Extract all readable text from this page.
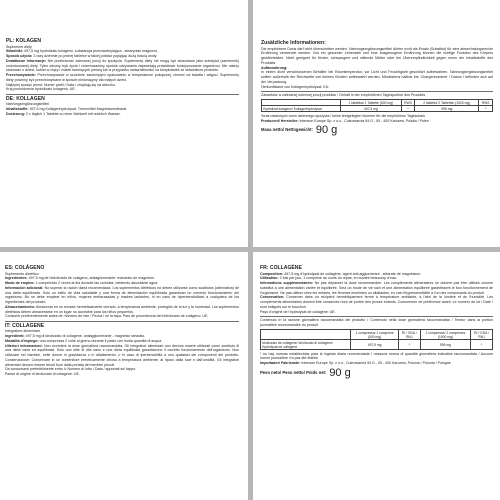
PL: KOLAGEN

Suplement diety

Składniki: 497,5 mg hydrolizatu kolagenu, substancja przeciwzbrylająca - stearynian magnezu.

Sposób użycia: 2 razy dziennie po jednej tabletce w takiej postaci popijając dużą ilością wody.

Dodatkowe informacje: Nie przekraczać zalecanej porcji do spożycia. Suplementy diety nie mogą być stosowane jako substytut (zamiennik) zróżnicowanej diety. Tylko zdrowy tryb życia i zrównoważony sposób odżywiania zapewniają prawidłowe funkcjonowanie organizmu. Nie należy stosować u dzieci, kobiet w ciąży i matek karmiących piersią lub w przypadku nadwrażliwości na którykolwiek ze składników produktu.

Przechowywanie: Przechowywanie w szczelnie zamkniętym opakowaniu w temperaturze pokojowej, chronić od światła i wilgoci. Suplementy diety powinny być przechowywane w sposób niedostępny dla małych dzieci.

Najlepiej spożyć przed: Numer partii / Data / znajdują się na wieczku.

Kraj pochodzenia hydrolizatu kolagenu: UE.

DE: KOLLAGEN

Nahrungsergänzungsmittel

Inhaltsstoffe: 497,5 mg Kollagenhydrolysat, Trennmittel Magnesiumstearat.

Dosierung: 2 x täglich 1 Tablette zu einer Mahlzeit mit reichlich Wasser.

Zusätzliche Informationen:

Die empfohlene Dosis darf nicht überschritten werden. Nahrungsergänzungsmittel dürfen nicht als Ersatz (Substitut) für eine abwechslungsreiche Ernährung verwendet werden. Nur ein gesunder Lebensstil und eine ausgewogene Ernährung können die richtige Funktion des Körpers gewährleisten. Nicht geeignet für Kinder, schwangere und stillende Mütter oder bei Überempfindlichkeit gegen einen der Inhaltsstoffe des Produkts.

Aufbewahrung:

In einem dicht verschlossenen Behälter bei Raumtemperatur, vor Licht und Feuchtigkeit geschützt aufbewahren. Nahrungsergänzungsmittel sollten außerhalb der Reichweite von kleinen Kindern aufbewahrt werden. Mindestens haltbar bis: Chargennummer / Datum / befinden sich auf der Verpackung.

Herkunftsland von Kollagenhydrolysat: EU.

Zawartość w zalecanej dziennej porcji produktu / Gehalt in der empfohlenen Tagesportion des Produkts

	1 tabletka/ 1 Tablette (500 mg)	RWS	2 tabletki/ 2 Tabletten (1000 mg)	RWS
Hydrolizat kolagenu/ Kollagenhydrolysat	497,5 mg	*	995 mg	*

*brak ustalonych norm dziennego spożycia / keine festgelegten Normen für die empfohlene Tagesdosis

Producent/ Hersteller: Intenson Europe Sp. z o.o., Cukrowarnia 94 G., 05 - 400 Karczew, Polska / Polen

Masa netto/ Nettogewicht: 90 g
ES: COLÁGENO

Suplemento dietético

Ingredientes: 497,5 mg de hidrolizado de colágeno, antiaglomerante: estearato de magnesio.

Modo de empleo: 1 comprimido 2 veces al día durante las comidas, bebiendo abundante agua.

Información adicional: No superar la ración diaria recomendada. Los suplementos dietéticos no deben utilizarse como sustitutos (alternativa) de una dieta equilibrada. Solo un estilo de vida saludable y una forma de alimentación equilibrada garantizan un correcto funcionamiento del organismo. No se debe emplear en niños, mujeres embarazadas y madres lactantes, ni en caso de hipersensibilidad a cualquiera de los ingredientes del producto.

Almacenamiento: Almacenar en un envase herméticamente cerrado, a temperatura ambiente, protegido de la luz y la humedad. Los suplementos dietéticos deben almacenarse en un lugar no accesible para los niños pequeños.

Consumir preferentemente antes de: Número de lote / Fecha / en la tapa. País de procedencia del hidrolizado de colágeno: UE.

IT: COLLAGENE

Integratore alimentare

Ingredienti: 497,5 mg di idrolizzato di collagene, antiagglomerante - magnesio stearato.

Modalità d'impiego: una compressa 2 volte al giorno durante il pasto con molta quantità di acqua.

Ulteriori informazioni: Non eccedere la dose giornaliera raccomandata. Gli integratori alimentari non devono essere utilizzati come sostituto di una dieta varia ed equilibrata. Solo uno stile di vita sano e una dieta equilibrata garantiscono il corretto funzionamento dell'organismo. Non utilizzare nei bambini, nelle donne in gravidanza o in allattamento, o in caso di ipersensibilità a uno qualsiasi dei componenti del prodotto. Conservazione: Conservare in un contenitore ermeticamente chiuso a temperatura ambiente, al riparo dalla luce e dall'umidità. Gli integratori alimentari devono essere tenuti fuori dalla portata dei bambini piccoli.

Da consumarsi preferibilmente entro il: Numero di lotto / Data / apportati sul tappo.

Paese di origine di idrolizzato di collagene: UE.

FR: COLLAGÈNE

Composition: 497,5 mg d'hydrolysat de collagène, agent anti-agglomérant - stéarate de magnésium.

Utilisation: 2 fois par jour, 1 comprimé au cours du repas, en buvant beaucoup d'eau.

Informations supplémentaires: Ne pas dépasser la dose recommandée. Les compléments alimentaires ne doivent pas être utilisés comme substitut à une alimentation variée et équilibrée. Seul un mode de vie sain et une alimentation équilibrée garantissent le bon fonctionnement de l'organisme. Ne pas utiliser chez les enfants, les femmes enceintes ou allaitantes, en cas d'hypersensibilité à l'un des composants du produit.

Conservation: Conserver dans un récipient hermétiquement fermé à température ambiante, à l'abri de la lumière et de l'humidité. Les compléments alimentaires doivent être conservés hors de portée des jeunes enfants. Consommer de préférence avant: Le numéro de lot / Date / sont indiqués sur le bouchon.

Pays d'origine de l'hydrolysat de collagène: UE.

Contenuto in la razione giornaliera raccomandata del prodotto / Contenuto nella dose giornaliera raccomandata / Teneur dans la portion journalière recommandée du produit

	1 compressa/ 1 comprimé (500 mg)	RI / GDA / RNJ	2 compresse/ 2 comprimés (1000 mg)	RI / GDA / RNJ
Idrolizzato de collagene/ Idrolizzato di collagene/ Hydrolysat de collagène	497,5 mg	*	995 mg	*

* no hay normas establecidas para la ingesta diaria recomendada / nessuna norma di quantità giornaliera indicativa raccomandata / Aucune norme journalière n'a pas été établie

Importador/ Fabricante: Intenson Europe Sp. z o.o., Cukrowarnia 94 G., 05 - 400 Karczew, Polonia / Polonia / Pologne

Peso neto/ Peso netto/ Poids net: 90 g
